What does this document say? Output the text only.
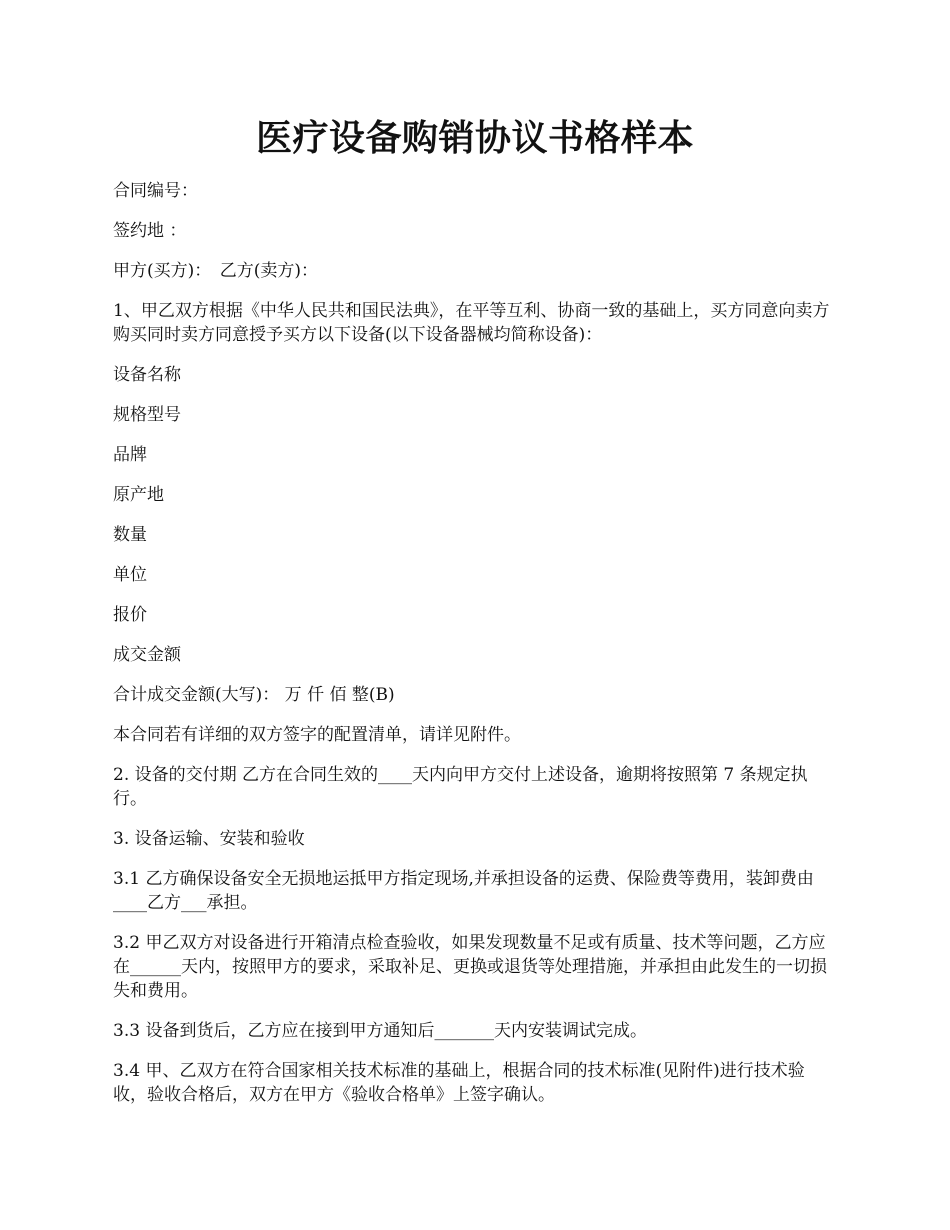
医疗设备购销协议书格样本

合同编号：

签约地 ：

甲方(买方)：　乙方(卖方)：

1、甲乙双方根据《中华人民共和国民法典》，在平等互利、协商一致的基础上，买方同意向卖方购买同时卖方同意授予买方以下设备(以下设备器械均简称设备)：

设备名称

规格型号

品牌

原产地

数量

单位

报价

成交金额

合计成交金额(大写)： 万 仟 佰 整(B)

本合同若有详细的双方签字的配置清单，请详见附件。

2. 设备的交付期 乙方在合同生效的____天内向甲方交付上述设备，逾期将按照第 7 条规定执行。

3. 设备运输、安装和验收

3.1 乙方确保设备安全无损地运抵甲方指定现场,并承担设备的运费、保险费等费用，装卸费由____乙方___承担。

3.2 甲乙双方对设备进行开箱清点检查验收，如果发现数量不足或有质量、技术等问题，乙方应在______天内，按照甲方的要求，采取补足、更换或退货等处理措施，并承担由此发生的一切损失和费用。

3.3 设备到货后，乙方应在接到甲方通知后_______天内安装调试完成。

3.4 甲、乙双方在符合国家相关技术标准的基础上，根据合同的技术标准(见附件)进行技术验收，验收合格后，双方在甲方《验收合格单》上签字确认。
